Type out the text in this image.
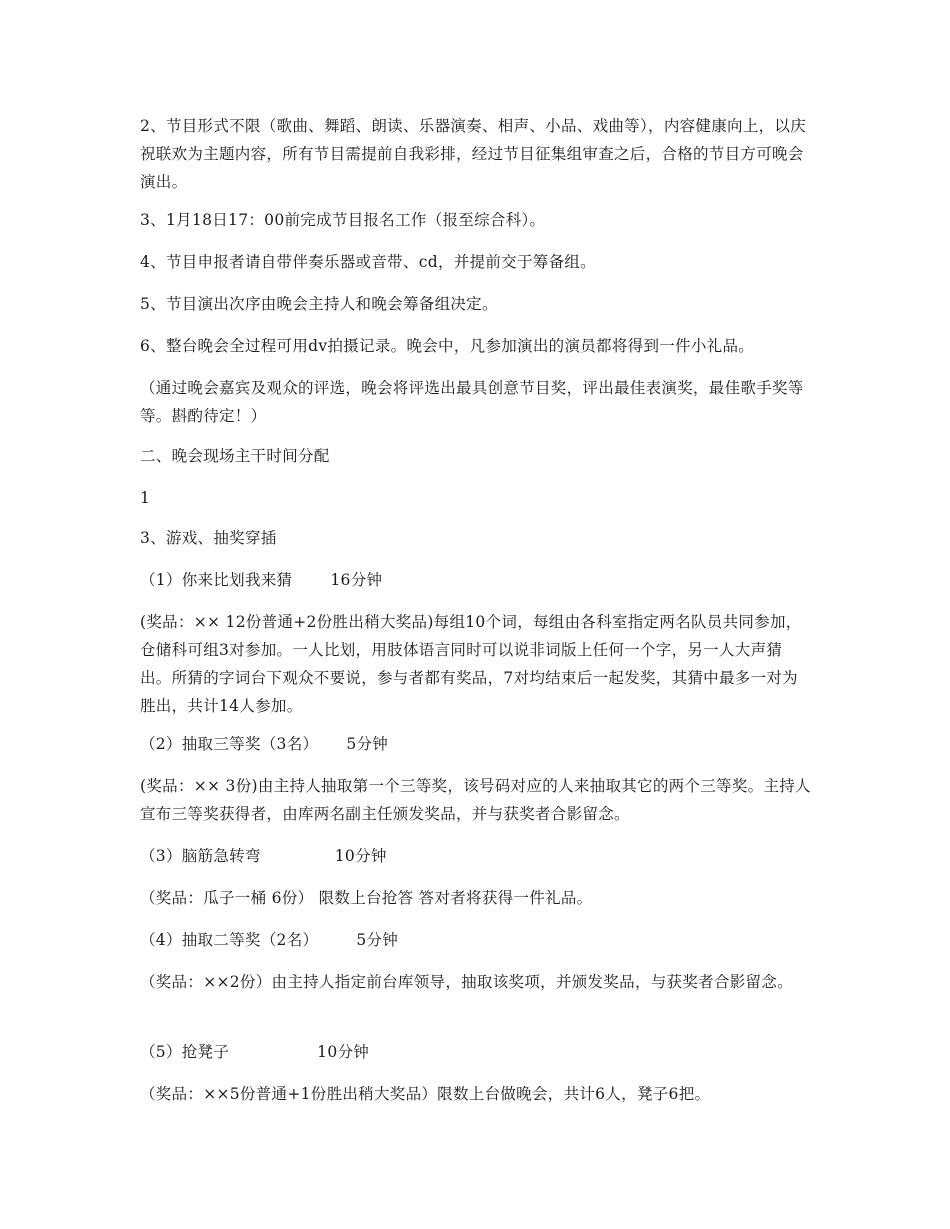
2、节目形式不限（歌曲、舞蹈、朗读、乐器演奏、相声、小品、戏曲等），内容健康向上，以庆祝联欢为主题内容，所有节目需提前自我彩排，经过节目征集组审查之后，合格的节目方可晚会演出。

3、1月18日17：00前完成节目报名工作（报至综合科）。

4、节目申报者请自带伴奏乐器或音带、cd，并提前交于筹备组。

5、节目演出次序由晚会主持人和晚会筹备组决定。

6、整台晚会全过程可用dv拍摄记录。晚会中，凡参加演出的演员都将得到一件小礼品。

（通过晚会嘉宾及观众的评选，晚会将评选出最具创意节目奖，评出最佳表演奖，最佳歌手奖等等。斟酌待定！）

二、晚会现场主干时间分配

1

3、游戏、抽奖穿插

（1）你来比划我来猜 16分钟

(奖品：×× 12份普通+2份胜出稍大奖品)每组10个词，每组由各科室指定两名队员共同参加，仓储科可组3对参加。一人比划，用肢体语言同时可以说非词版上任何一个字，另一人大声猜出。所猜的字词台下观众不要说，参与者都有奖品，7对均结束后一起发奖，其猜中最多一对为胜出，共计14人参加。

（2）抽取三等奖（3名） 5分钟

(奖品：×× 3份)由主持人抽取第一个三等奖，该号码对应的人来抽取其它的两个三等奖。主持人宣布三等奖获得者，由库两名副主任颁发奖品，并与获奖者合影留念。

（3）脑筋急转弯	10分钟

（奖品：瓜子一桶 6份） 限数上台抢答 答对者将获得一件礼品。

（4）抽取二等奖（2名） 5分钟

（奖品：××2份）由主持人指定前台库领导，抽取该奖项，并颁发奖品，与获奖者合影留念。

（5）抢凳子	10分钟

（奖品：××5份普通+1份胜出稍大奖品）限数上台做晚会，共计6人，凳子6把。
